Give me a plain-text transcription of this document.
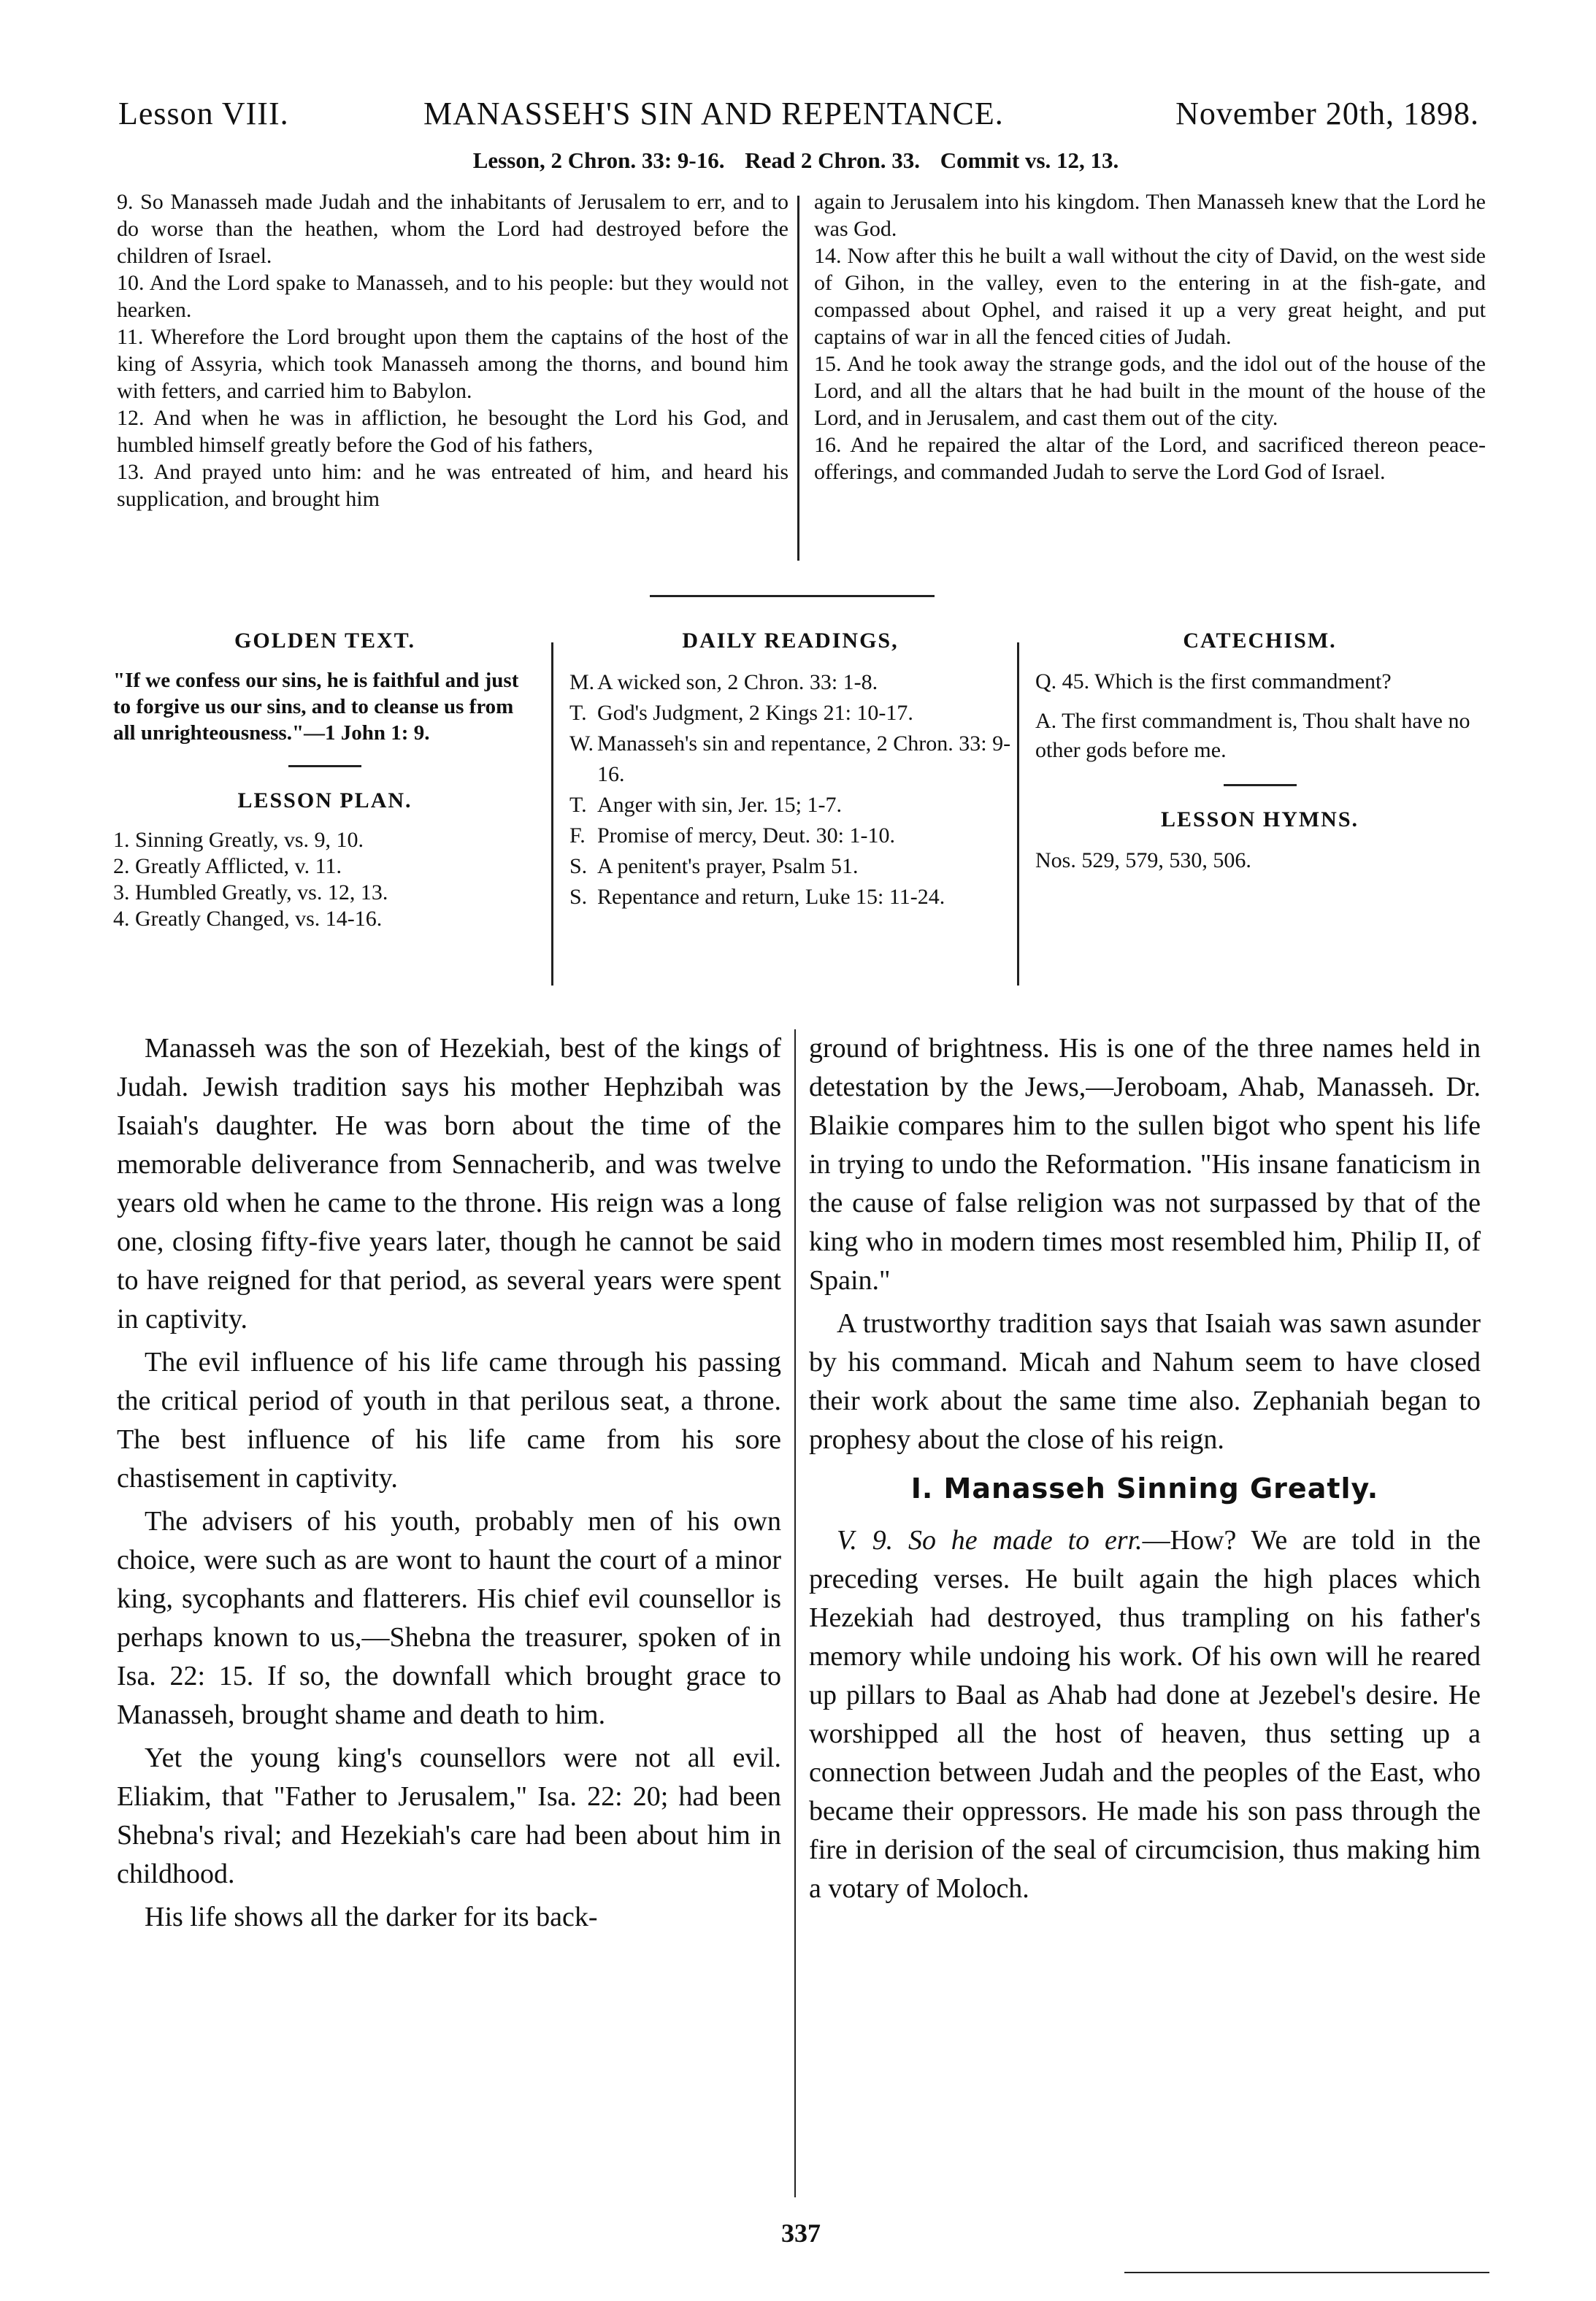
Lesson VIII.	MANASSEH'S SIN AND REPENTANCE.	November 20th, 1898.
Lesson, 2 Chron. 33: 9-16. Read 2 Chron. 33. Commit vs. 12, 13.

9. So Manasseh made Judah and the inhabitants of Jerusalem to err, and to do worse than the heathen, whom the Lord had destroyed before the children of Israel.

10. And the Lord spake to Manasseh, and to his people: but they would not hearken.

11. Wherefore the Lord brought upon them the captains of the host of the king of Assyria, which took Manasseh among the thorns, and bound him with fetters, and carried him to Babylon.

12. And when he was in affliction, he besought the Lord his God, and humbled himself greatly before the God of his fathers,

13. And prayed unto him: and he was entreated of him, and heard his supplication, and brought him

again to Jerusalem into his kingdom. Then Manasseh knew that the Lord he was God.

14. Now after this he built a wall without the city of David, on the west side of Gihon, in the valley, even to the entering in at the fish-gate, and compassed about Ophel, and raised it up a very great height, and put captains of war in all the fenced cities of Judah.

15. And he took away the strange gods, and the idol out of the house of the Lord, and all the altars that he had built in the mount of the house of the Lord, and in Jerusalem, and cast them out of the city.

16. And he repaired the altar of the Lord, and sacrificed thereon peace-offerings, and commanded Judah to serve the Lord God of Israel.

GOLDEN TEXT.

"If we confess our sins, he is faithful and just to forgive us our sins, and to cleanse us from all unrighteousness."—1 John 1: 9.

LESSON PLAN.
1. Sinning Greatly, vs. 9, 10.
2. Greatly Afflicted, v. 11.
3. Humbled Greatly, vs. 12, 13.
4. Greatly Changed, vs. 14-16.
DAILY READINGS,
M. A wicked son, 2 Chron. 33: 1-8.
T. God's Judgment, 2 Kings 21: 10-17.
W. Manasseh's sin and repentance, 2 Chron. 33: 9-16.
T. Anger with sin, Jer. 15; 1-7.
F. Promise of mercy, Deut. 30: 1-10.
S. A penitent's prayer, Psalm 51.
S. Repentance and return, Luke 15: 11-24.
CATECHISM.

Q. 45. Which is the first commandment?

A. The first commandment is, Thou shalt have no other gods before me.

LESSON HYMNS.

Nos. 529, 579, 530, 506.

Manasseh was the son of Hezekiah, best of the kings of Judah. Jewish tradition says his mother Hephzibah was Isaiah's daughter. He was born about the time of the memorable deliverance from Sennacherib, and was twelve years old when he came to the throne. His reign was a long one, closing fifty-five years later, though he cannot be said to have reigned for that period, as several years were spent in captivity.

The evil influence of his life came through his passing the critical period of youth in that perilous seat, a throne. The best influence of his life came from his sore chastisement in captivity.

The advisers of his youth, probably men of his own choice, were such as are wont to haunt the court of a minor king, sycophants and flatterers. His chief evil counsellor is perhaps known to us,—Shebna the treasurer, spoken of in Isa. 22: 15. If so, the downfall which brought grace to Manasseh, brought shame and death to him.

Yet the young king's counsellors were not all evil. Eliakim, that "Father to Jerusalem," Isa. 22: 20; had been Shebna's rival; and Hezekiah's care had been about him in childhood.

His life shows all the darker for its back-

ground of brightness. His is one of the three names held in detestation by the Jews,—Jeroboam, Ahab, Manasseh. Dr. Blaikie compares him to the sullen bigot who spent his life in trying to undo the Reformation. "His insane fanaticism in the cause of false religion was not surpassed by that of the king who in modern times most resembled him, Philip II, of Spain."

A trustworthy tradition says that Isaiah was sawn asunder by his command. Micah and Nahum seem to have closed their work about the same time also. Zephaniah began to prophesy about the close of his reign.

I. Manasseh Sinning Greatly.

V. 9. So he made to err.—How? We are told in the preceding verses. He built again the high places which Hezekiah had destroyed, thus trampling on his father's memory while undoing his work. Of his own will he reared up pillars to Baal as Ahab had done at Jezebel's desire. He worshipped all the host of heaven, thus setting up a connection between Judah and the peoples of the East, who became their oppressors. He made his son pass through the fire in derision of the seal of circumcision, thus making him a votary of Moloch.

337
